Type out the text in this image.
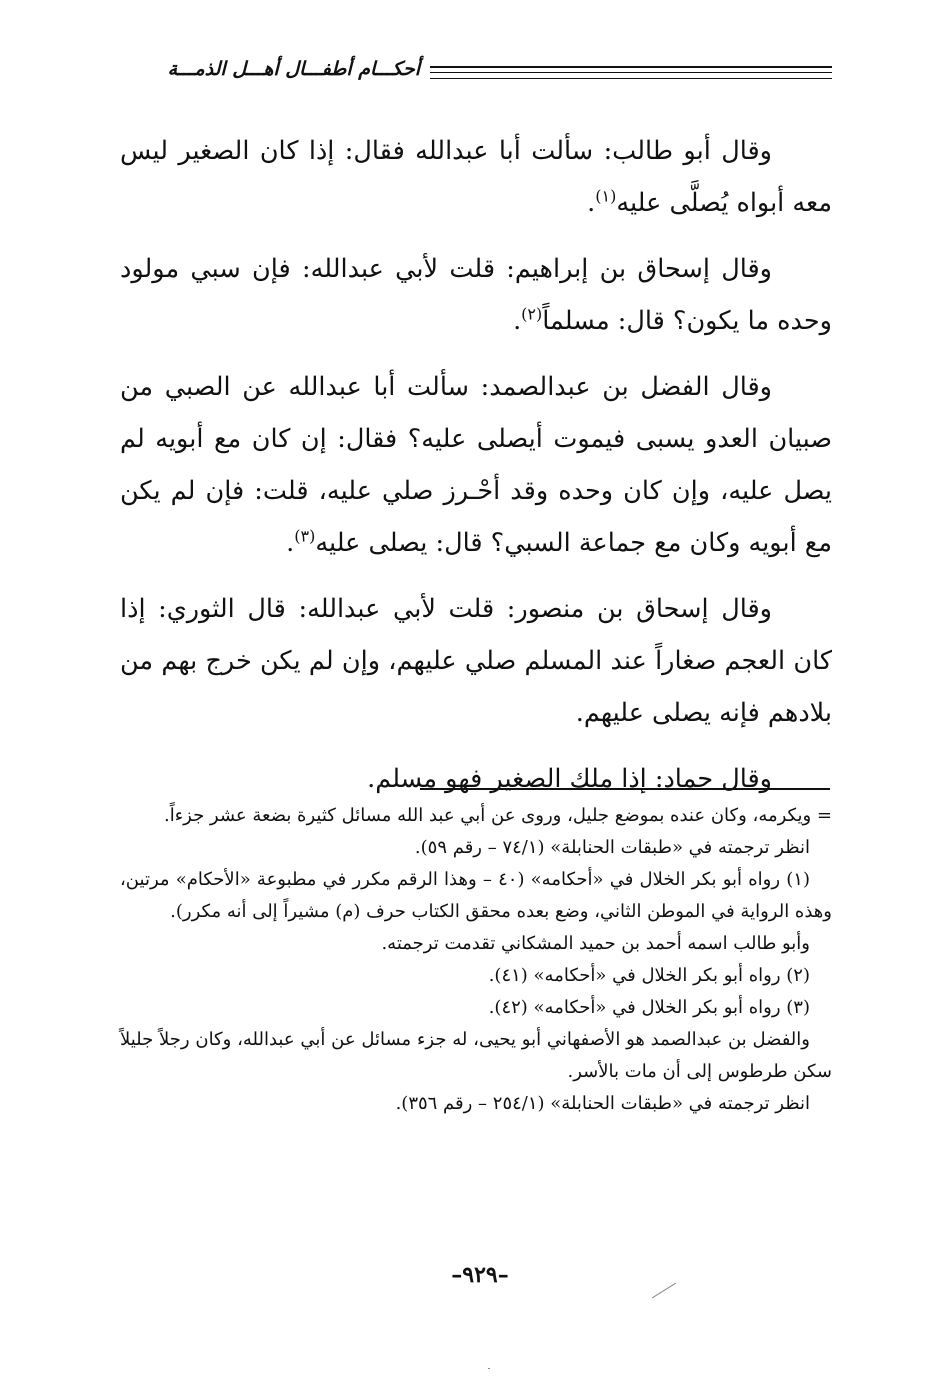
أحكـــام أطفـــال أهـــل الذمـــة

وقال أبو طالب: سألت أبا عبدالله فقال: إذا كان الصغير ليس معه أبواه يُصلَّى عليه$^{(١)}$.

وقال إسحاق بن إبراهيم: قلت لأبي عبدالله: فإن سبي مولود وحده ما يكون؟ قال: مسلماً$^{(٢)}$.

وقال الفضل بن عبدالصمد: سألت أبا عبدالله عن الصبي من صبيان العدو يسبى فيموت أيصلى عليه؟ فقال: إن كان مع أبويه لم يصل عليه، وإن كان وحده وقد أحْـرز صلي عليه، قلت: فإن لم يكن مع أبويه وكان مع جماعة السبي؟ قال: يصلى عليه$^{(٣)}$.

وقال إسحاق بن منصور: قلت لأبي عبدالله: قال الثوري: إذا كان العجم صغاراً عند المسلم صلي عليهم، وإن لم يكن خرج بهم من بلادهم فإنه يصلى عليهم.

وقال حماد: إذا ملك الصغير فهو مسلم.

= ويكرمه، وكان عنده بموضع جليل، وروى عن أبي عبد الله مسائل كثيرة بضعة عشر جزءاً.

انظر ترجمته في «طبقات الحنابلة» (٧٤/١ – رقم ٥٩).

(١) رواه أبو بكر الخلال في «أحكامه» (٤٠ – وهذا الرقم مكرر في مطبوعة «الأحكام» مرتين، وهذه الرواية في الموطن الثاني، وضع بعده محقق الكتاب حرف (م) مشيراً إلى أنه مكرر).

وأبو طالب اسمه أحمد بن حميد المشكاني تقدمت ترجمته.

(٢) رواه أبو بكر الخلال في «أحكامه» (٤١).

(٣) رواه أبو بكر الخلال في «أحكامه» (٤٢).

والفضل بن عبدالصمد هو الأصفهاني أبو يحيى، له جزء مسائل عن أبي عبدالله، وكان رجلاً جليلاً سكن طرطوس إلى أن مات بالأسر.

انظر ترجمته في «طبقات الحنابلة» (٢٥٤/١ – رقم ٣٥٦).

–٩٢٩–
